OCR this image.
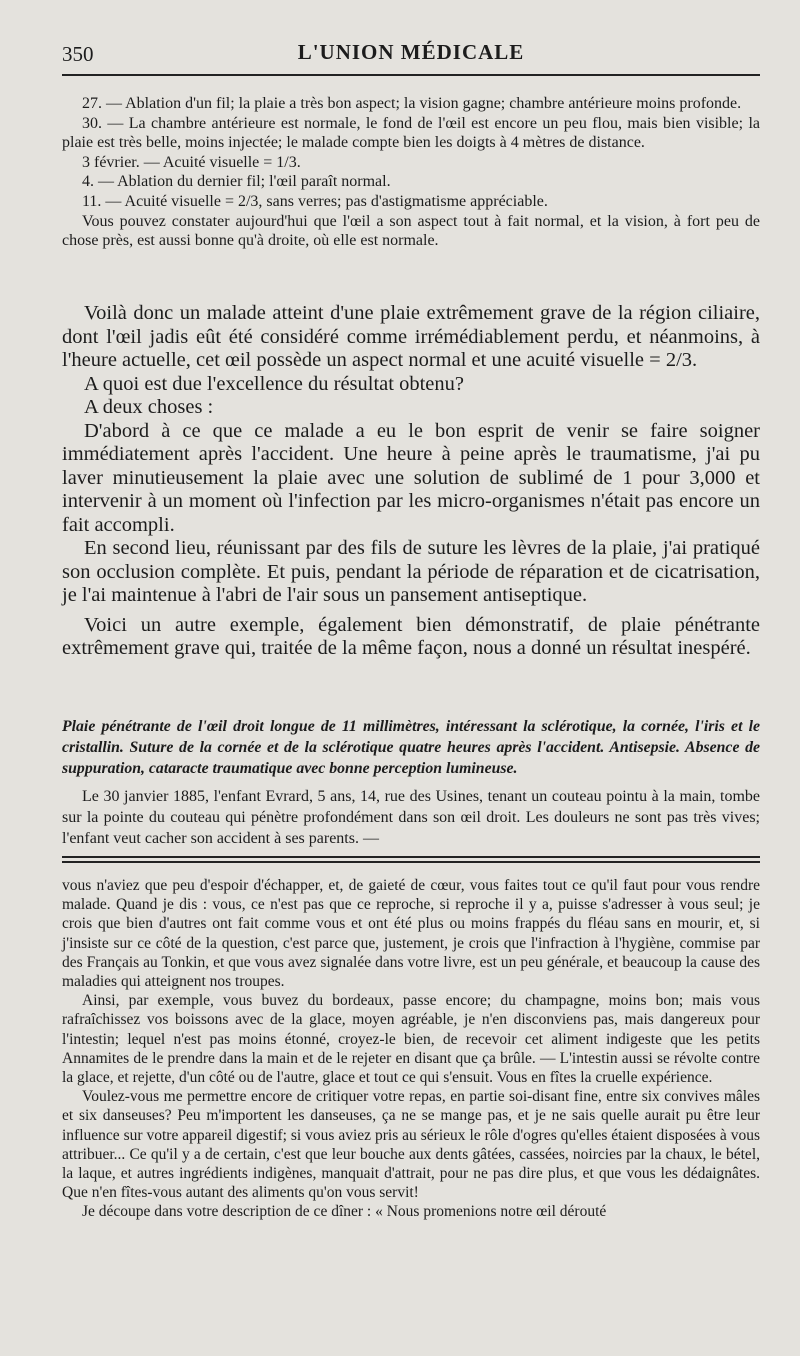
350	L'UNION MÉDICALE

27. — Ablation d'un fil; la plaie a très bon aspect; la vision gagne; chambre antérieure moins profonde.

30. — La chambre antérieure est normale, le fond de l'œil est encore un peu flou, mais bien visible; la plaie est très belle, moins injectée; le malade compte bien les doigts à 4 mètres de distance.

3 février. — Acuité visuelle = 1/3.

4. — Ablation du dernier fil; l'œil paraît normal.

11. — Acuité visuelle = 2/3, sans verres; pas d'astigmatisme appréciable.

Vous pouvez constater aujourd'hui que l'œil a son aspect tout à fait normal, et la vision, à fort peu de chose près, est aussi bonne qu'à droite, où elle est normale.

Voilà donc un malade atteint d'une plaie extrêmement grave de la région ciliaire, dont l'œil jadis eût été considéré comme irrémédiablement perdu, et néanmoins, à l'heure actuelle, cet œil possède un aspect normal et une acuité visuelle = 2/3.

A quoi est due l'excellence du résultat obtenu?

A deux choses :

D'abord à ce que ce malade a eu le bon esprit de venir se faire soigner immédiatement après l'accident. Une heure à peine après le traumatisme, j'ai pu laver minutieusement la plaie avec une solution de sublimé de 1 pour 3,000 et intervenir à un moment où l'infection par les micro-organismes n'était pas encore un fait accompli.

En second lieu, réunissant par des fils de suture les lèvres de la plaie, j'ai pratiqué son occlusion complète. Et puis, pendant la période de réparation et de cicatrisation, je l'ai maintenue à l'abri de l'air sous un pansement antiseptique.

Voici un autre exemple, également bien démonstratif, de plaie pénétrante extrêmement grave qui, traitée de la même façon, nous a donné un résultat inespéré.

Plaie pénétrante de l'œil droit longue de 11 millimètres, intéressant la sclérotique, la cornée, l'iris et le cristallin. Suture de la cornée et de la sclérotique quatre heures après l'accident. Antisepsie. Absence de suppuration, cataracte traumatique avec bonne perception lumineuse.

Le 30 janvier 1885, l'enfant Evrard, 5 ans, 14, rue des Usines, tenant un couteau pointu à la main, tombe sur la pointe du couteau qui pénètre profondément dans son œil droit. Les douleurs ne sont pas très vives; l'enfant veut cacher son accident à ses parents. —

vous n'aviez que peu d'espoir d'échapper, et, de gaieté de cœur, vous faites tout ce qu'il faut pour vous rendre malade. Quand je dis : vous, ce n'est pas que ce reproche, si reproche il y a, puisse s'adresser à vous seul; je crois que bien d'autres ont fait comme vous et ont été plus ou moins frappés du fléau sans en mourir, et, si j'insiste sur ce côté de la question, c'est parce que, justement, je crois que l'infraction à l'hygiène, commise par des Français au Tonkin, et que vous avez signalée dans votre livre, est un peu générale, et beaucoup la cause des maladies qui atteignent nos troupes.

Ainsi, par exemple, vous buvez du bordeaux, passe encore; du champagne, moins bon; mais vous rafraîchissez vos boissons avec de la glace, moyen agréable, je n'en disconviens pas, mais dangereux pour l'intestin; lequel n'est pas moins étonné, croyez-le bien, de recevoir cet aliment indigeste que les petits Annamites de le prendre dans la main et de le rejeter en disant que ça brûle. — L'intestin aussi se révolte contre la glace, et rejette, d'un côté ou de l'autre, glace et tout ce qui s'ensuit. Vous en fîtes la cruelle expérience.

Voulez-vous me permettre encore de critiquer votre repas, en partie soi-disant fine, entre six convives mâles et six danseuses? Peu m'importent les danseuses, ça ne se mange pas, et je ne sais quelle aurait pu être leur influence sur votre appareil digestif; si vous aviez pris au sérieux le rôle d'ogres qu'elles étaient disposées à vous attribuer... Ce qu'il y a de certain, c'est que leur bouche aux dents gâtées, cassées, noircies par la chaux, le bétel, la laque, et autres ingrédients indigènes, manquait d'attrait, pour ne pas dire plus, et que vous les dédaignâtes. Que n'en fîtes-vous autant des aliments qu'on vous servit!

Je découpe dans votre description de ce dîner : « Nous promenions notre œil dérouté
